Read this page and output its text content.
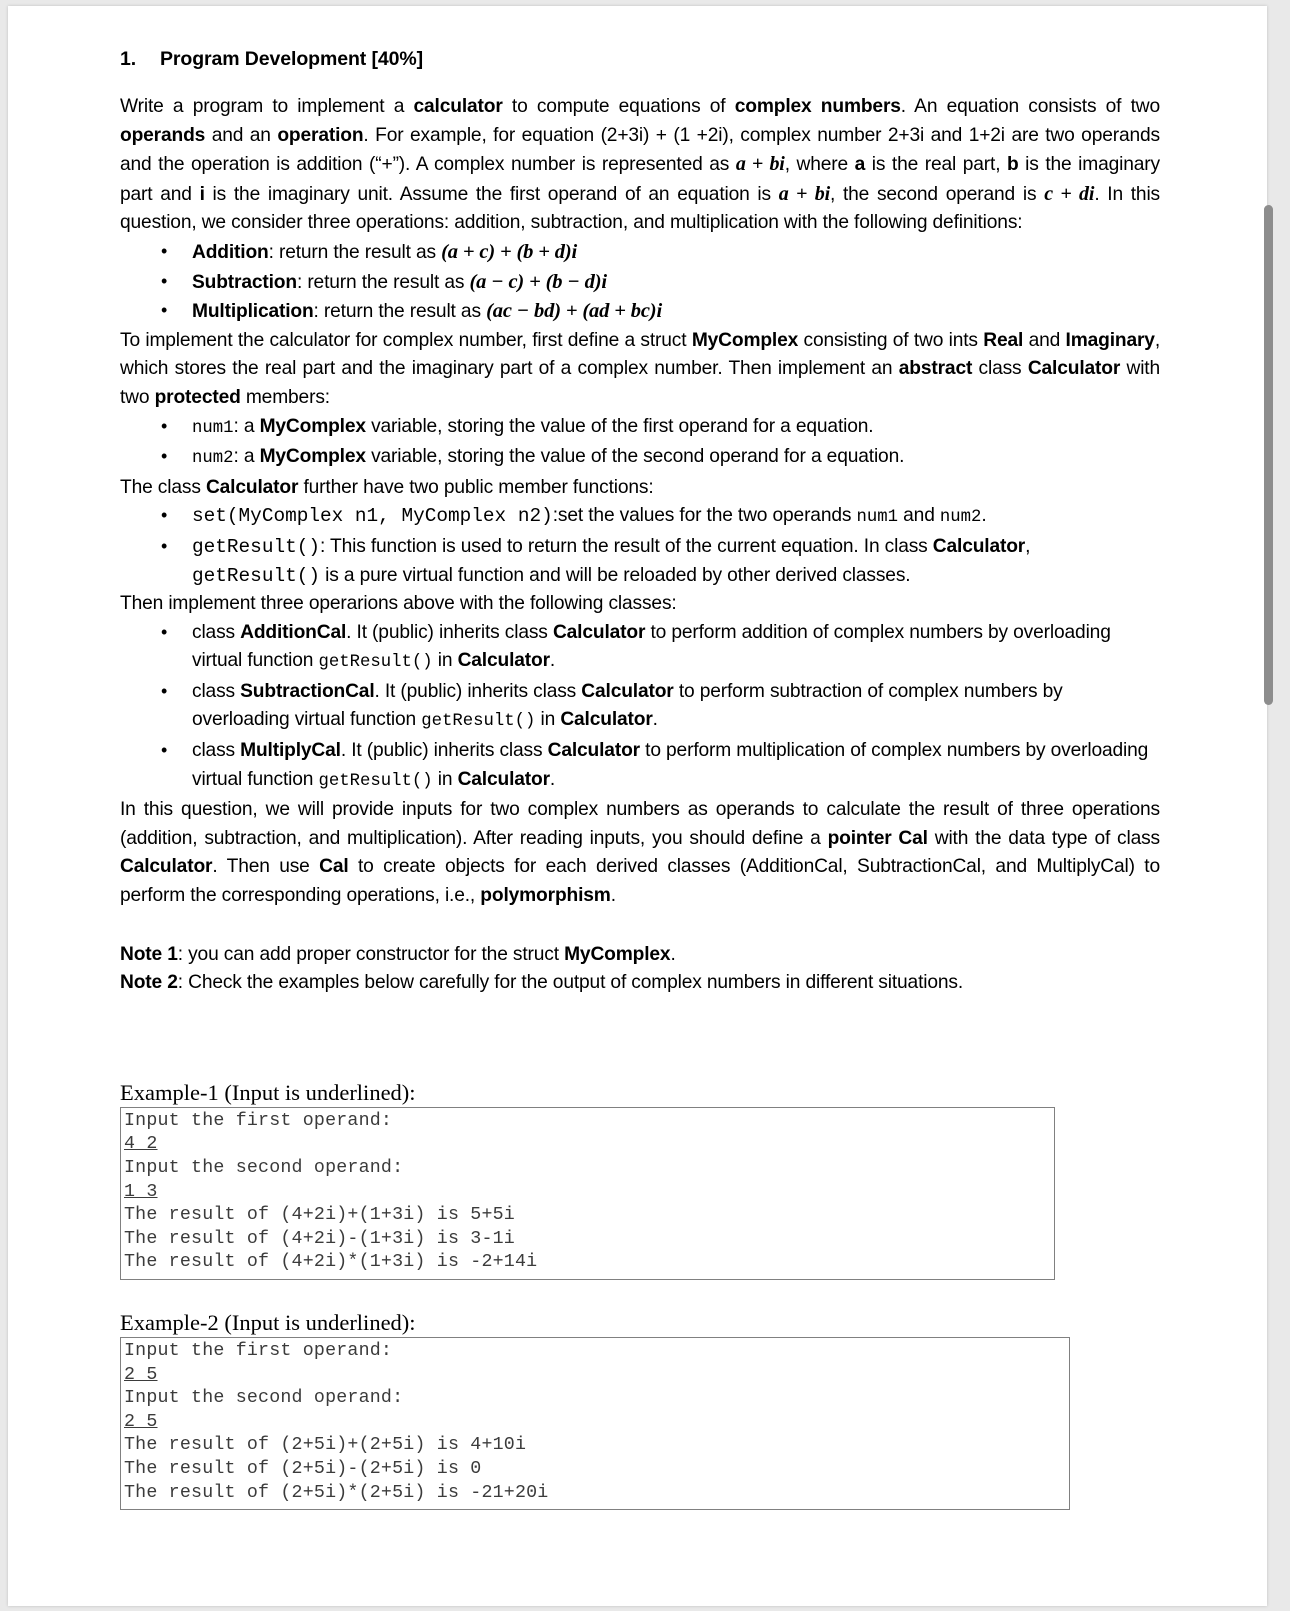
1.	Program Development [40%]

Write a program to implement a calculator to compute equations of complex numbers. An equation consists of two operands and an operation. For example, for equation (2+3i) + (1 +2i), complex number 2+3i and 1+2i are two operands and the operation is addition (“+”). A complex number is represented as a + bi, where a is the real part, b is the imaginary part and i is the imaginary unit. Assume the first operand of an equation is a + bi, the second operand is c + di. In this question, we consider three operations: addition, subtraction, and multiplication with the following definitions:

• Addition: return the result as (a + c) + (b + d)i
• Subtraction: return the result as (a − c) + (b − d)i
• Multiplication: return the result as (ac − bd) + (ad + bc)i

To implement the calculator for complex number, first define a struct MyComplex consisting of two ints Real and Imaginary, which stores the real part and the imaginary part of a complex number. Then implement an abstract class Calculator with two protected members:

• num1: a MyComplex variable, storing the value of the first operand for a equation.
• num2: a MyComplex variable, storing the value of the second operand for a equation.

The class Calculator further have two public member functions:

• set(MyComplex n1, MyComplex n2):set the values for the two operands num1 and num2.
• getResult(): This function is used to return the result of the current equation. In class Calculator, getResult() is a pure virtual function and will be reloaded by other derived classes.

Then implement three operarions above with the following classes:

• class AdditionCal. It (public) inherits class Calculator to perform addition of complex numbers by overloading virtual function getResult() in Calculator.
• class SubtractionCal. It (public) inherits class Calculator to perform subtraction of complex numbers by overloading virtual function getResult() in Calculator.
• class MultiplyCal. It (public) inherits class Calculator to perform multiplication of complex numbers by overloading virtual function getResult() in Calculator.

In this question, we will provide inputs for two complex numbers as operands to calculate the result of three operations (addition, subtraction, and multiplication). After reading inputs, you should define a pointer Cal with the data type of class Calculator. Then use Cal to create objects for each derived classes (AdditionCal, SubtractionCal, and MultiplyCal) to perform the corresponding operations, i.e., polymorphism.

Note 1: you can add proper constructor for the struct MyComplex.

Note 2: Check the examples below carefully for the output of complex numbers in different situations.

Example-1 (Input is underlined):

Input the first operand:
4 2
Input the second operand:
1 3
The result of (4+2i)+(1+3i) is 5+5i
The result of (4+2i)-(1+3i) is 3-1i
The result of (4+2i)*(1+3i) is -2+14i

Example-2 (Input is underlined):

Input the first operand:
2 5
Input the second operand:
2 5
The result of (2+5i)+(2+5i) is 4+10i
The result of (2+5i)-(2+5i) is 0
The result of (2+5i)*(2+5i) is -21+20i
